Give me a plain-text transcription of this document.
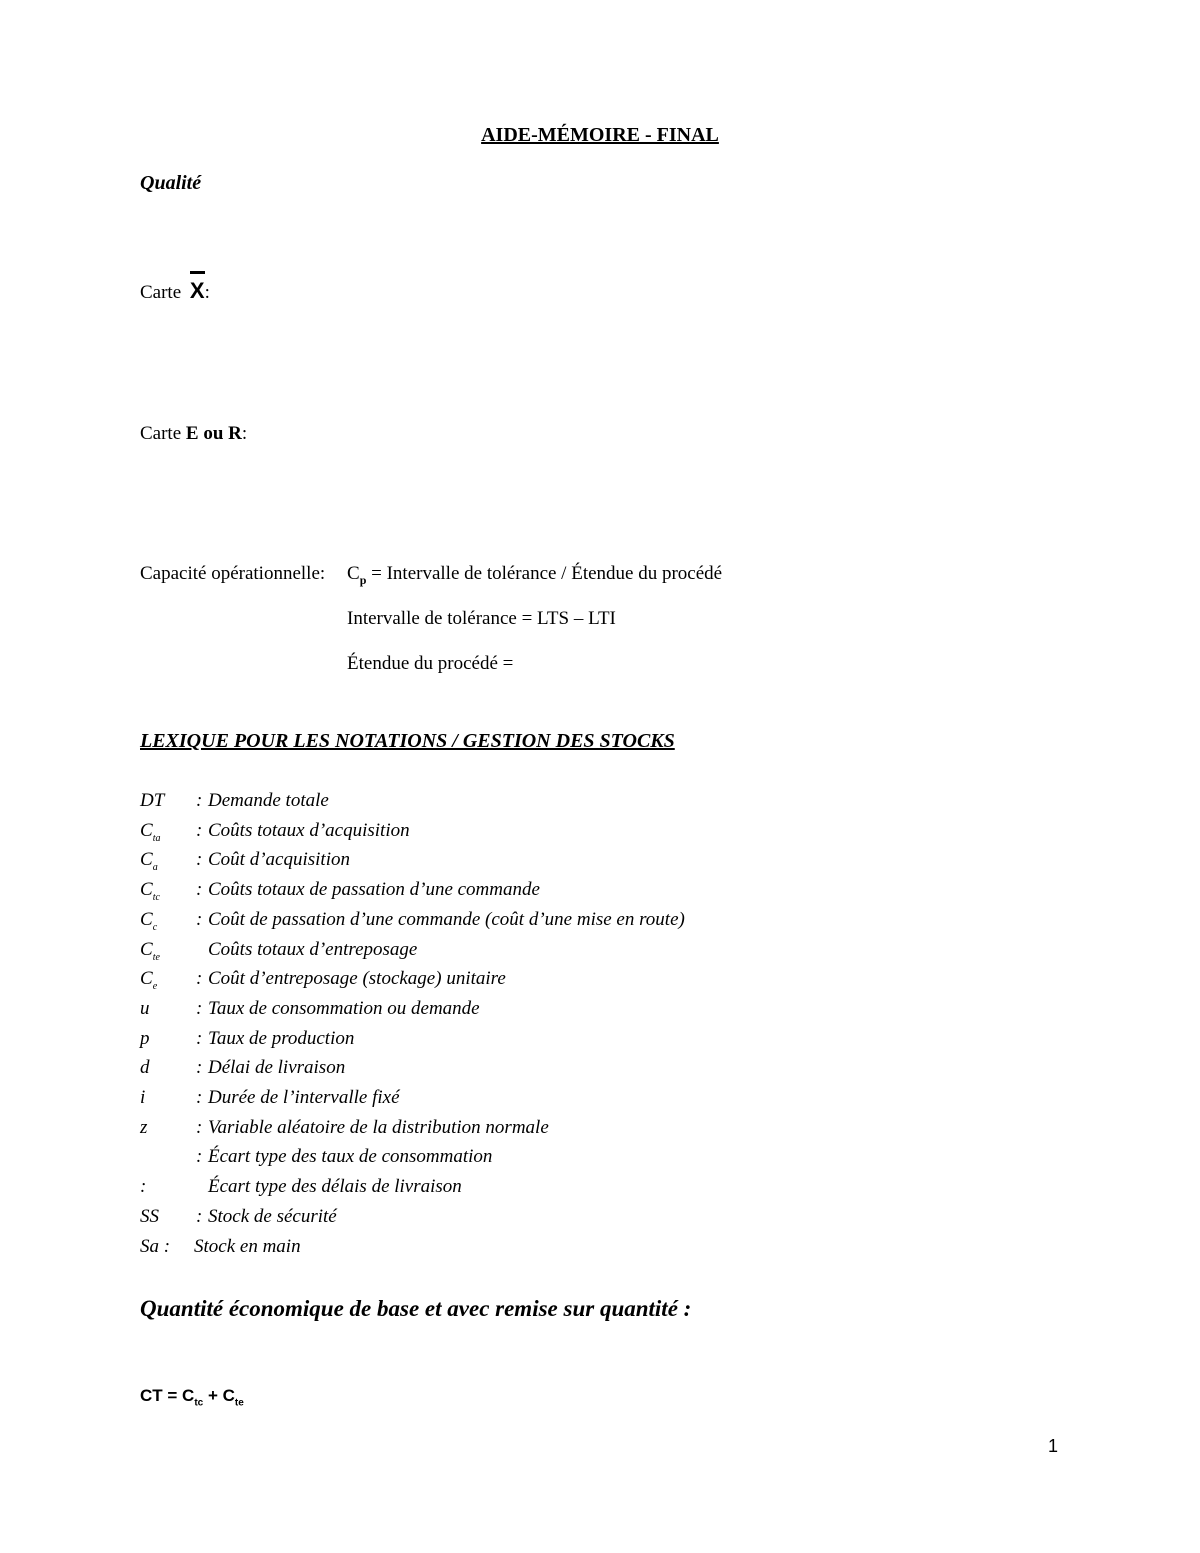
AIDE-MÉMOIRE - FINAL
Qualité
Carte X:
Carte E ou R:
Capacité opérationnelle: $C_p$ = Intervalle de tolérance / Étendue du procédé
Intervalle de tolérance = LTS – LTI
Étendue du procédé =
LEXIQUE POUR LES NOTATIONS / GESTION DES STOCKS
DT : Demande totale
$C_{ta}$ : Coûts totaux d’acquisition
$C_a$ : Coût d’acquisition
$C_{tc}$ : Coûts totaux de passation d’une commande
$C_c$ : Coût de passation d’une commande (coût d’une mise en route)
$C_{te}$	Coûts totaux d’entreposage
$C_e$ : Coût d’entreposage (stockage) unitaire
u : Taux de consommation ou demande
p : Taux de production
d : Délai de livraison
i	: Durée de l’intervalle fixé
z	: Variable aléatoire de la distribution normale
: Écart type des taux de consommation
:	Écart type des délais de livraison
SS : Stock de sécurité
Sa : Stock en main
Quantité économique de base et avec remise sur quantité :
CT = $C_{tc} + C_{te}$
1
